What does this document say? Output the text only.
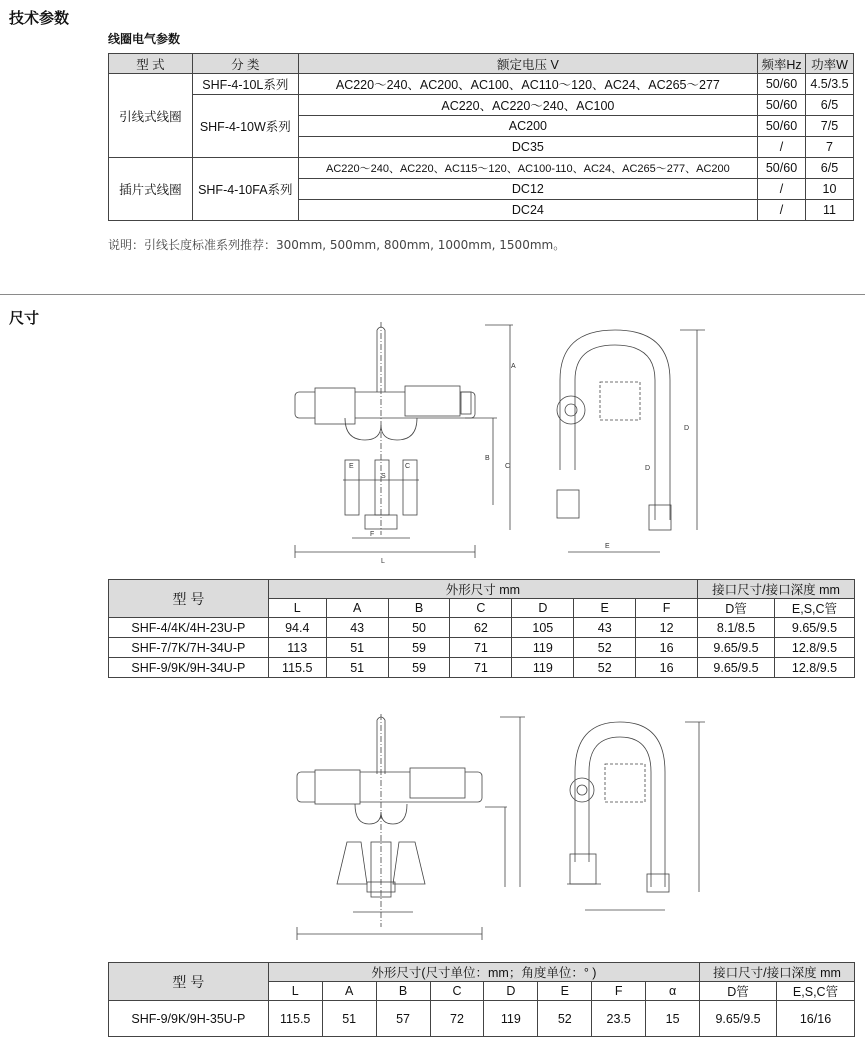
技术参数
线圈电气参数
型 式	分 类	额定电压 V	频率Hz	功率W
引线式线圈	SHF-4-10L系列	AC220～240、AC200、AC100、AC110～120、AC24、AC265～277	50/60	4.5/3.5
	SHF-4-10W系列	AC220、AC220～240、AC100	50/60	6/5
		AC200	50/60	7/5
		DC35	/	7
插片式线圈	SHF-4-10FA系列	AC220～240、AC220、AC115～120、AC100-110、AC24、AC265～277、AC200	50/60	6/5
		DC12	/	10
		DC24	/	11
说明：引线长度标准系列推荐：300mm, 500mm, 800mm, 1000mm, 1500mm。
尺寸
A
B
C
D
E
F
S
L
E	C	D
型 号	外形尺寸 mm							接口尺寸/接口深度 mm	
	L	A	B	C	D	E	F	D管	E,S,C管
SHF-4/4K/4H-23U-P	94.4	43	50	62	105	43	12	8.1/8.5	9.65/9.5
SHF-7/7K/7H-34U-P	113	51	59	71	119	52	16	9.65/9.5	12.8/9.5
SHF-9/9K/9H-34U-P	115.5	51	59	71	119	52	16	9.65/9.5	12.8/9.5
型 号	外形尺寸(尺寸单位：mm；角度单位：° )								接口尺寸/接口深度 mm	
	L	A	B	C	D	E	F	α	D管	E,S,C管
SHF-9/9K/9H-35U-P	115.5	51	57	72	119	52	23.5	15	9.65/9.5	16/16
